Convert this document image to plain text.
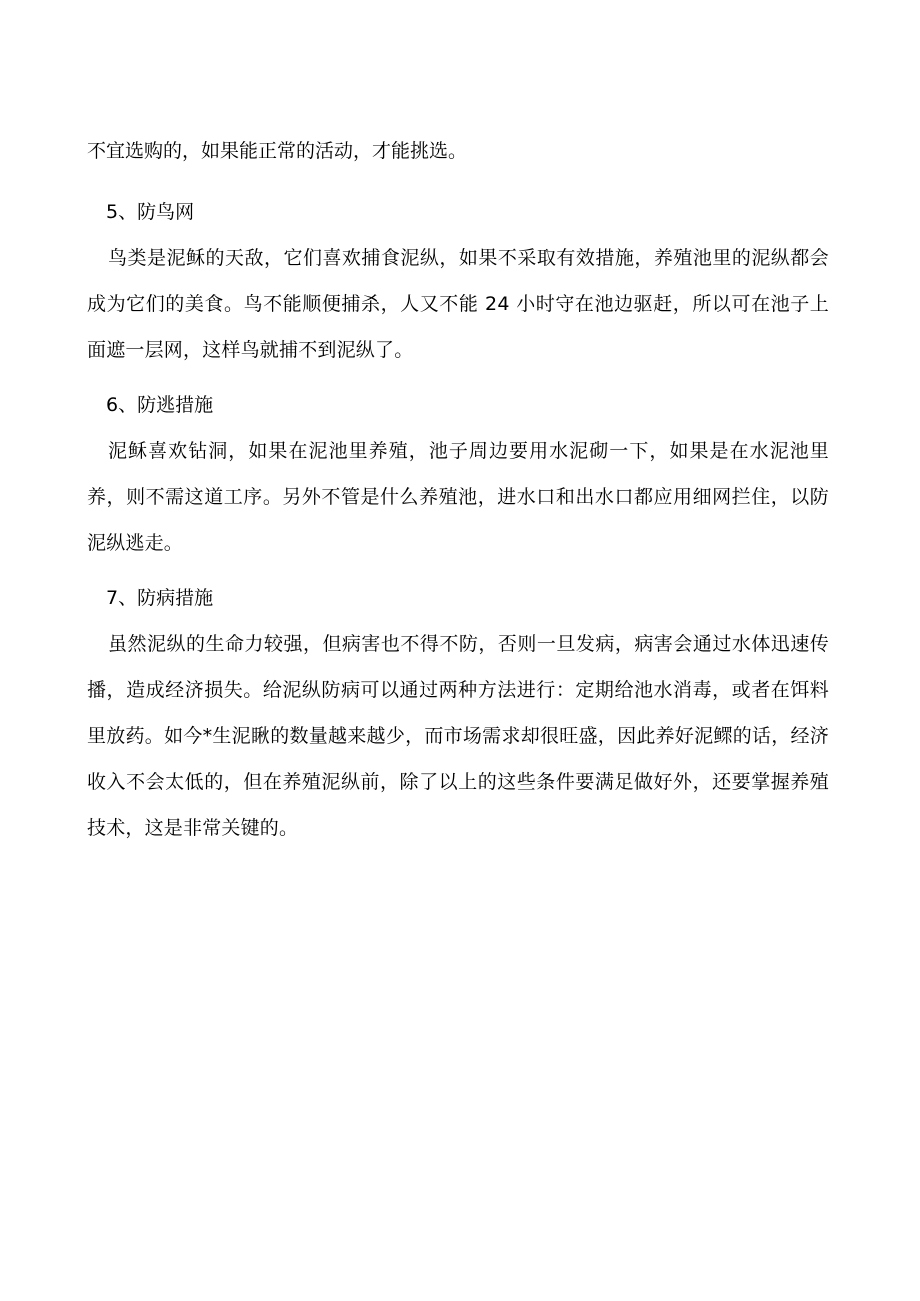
不宜选购的，如果能正常的活动，才能挑选。

5、防鸟网

鸟类是泥稣的天敌，它们喜欢捕食泥纵，如果不采取有效措施，养殖池里的泥纵都会成为它们的美食。鸟不能顺便捕杀，人又不能 24 小时守在池边驱赶，所以可在池子上面遮一层网，这样鸟就捕不到泥纵了。

6、防逃措施

泥稣喜欢钻洞，如果在泥池里养殖，池子周边要用水泥砌一下，如果是在水泥池里养，则不需这道工序。另外不管是什么养殖池，进水口和出水口都应用细网拦住，以防泥纵逃走。

7、防病措施

虽然泥纵的生命力较强，但病害也不得不防，否则一旦发病，病害会通过水体迅速传播，造成经济损失。给泥纵防病可以通过两种方法进行：定期给池水消毒，或者在饵料里放药。如今*生泥瞅的数量越来越少，而市场需求却很旺盛，因此养好泥鳏的话，经济收入不会太低的，但在养殖泥纵前，除了以上的这些条件要满足做好外，还要掌握养殖技术，这是非常关键的。
